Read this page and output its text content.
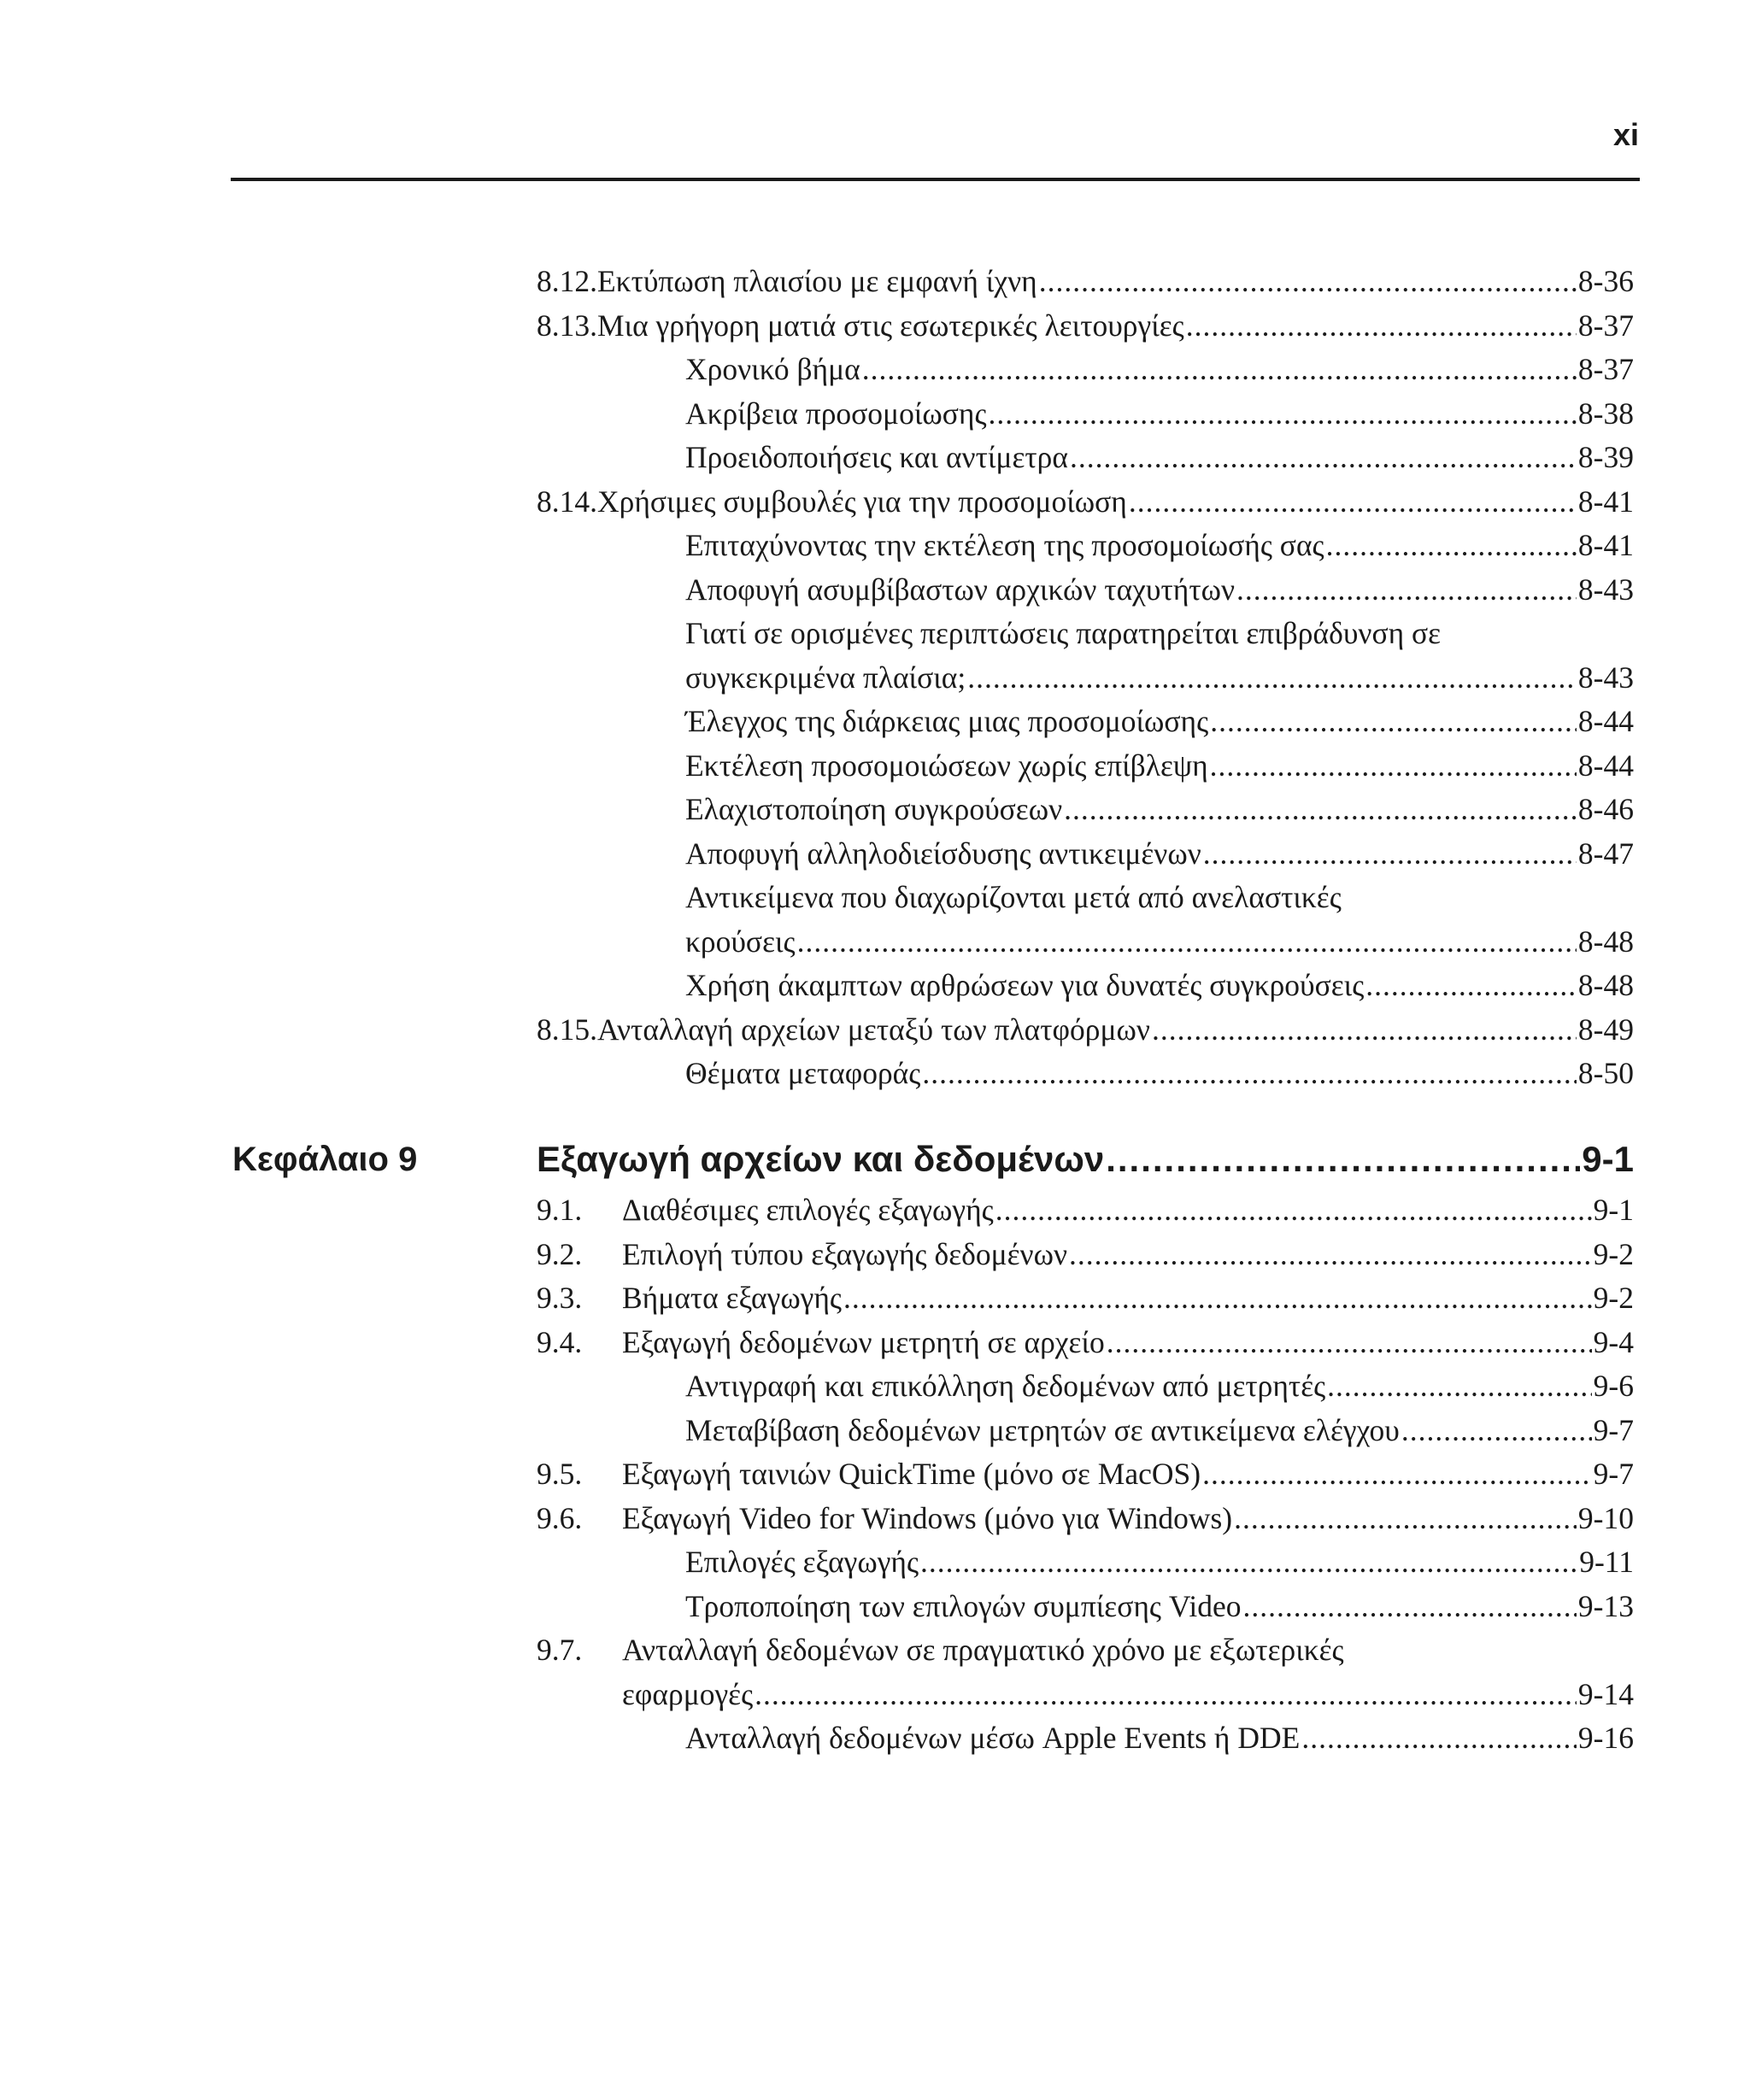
xi
8.12.Εκτύπωση πλαισίου με εμφανή ίχνη .....	8-36
8.13.Μια γρήγορη ματιά στις εσωτερικές λειτουργίες .....	8-37
Χρονικό βήμα .....	8-37
Ακρίβεια προσομοίωσης .....	8-38
Προειδοποιήσεις και αντίμετρα .....	8-39
8.14.Χρήσιμες συμβουλές για την προσομοίωση .....	8-41
Επιταχύνοντας την εκτέλεση της προσομοίωσής σας .....	8-41
Αποφυγή ασυμβίβαστων αρχικών ταχυτήτων .....	8-43
Γιατί σε ορισμένες περιπτώσεις παρατηρείται επιβράδυνση σε
συγκεκριμένα πλαίσια; .....	8-43
Έλεγχος της διάρκειας μιας προσομοίωσης .....	8-44
Εκτέλεση προσομοιώσεων χωρίς επίβλεψη .....	8-44
Ελαχιστοποίηση συγκρούσεων .....	8-46
Αποφυγή αλληλοδιείσδυσης αντικειμένων .....	8-47
Αντικείμενα που διαχωρίζονται μετά από ανελαστικές
κρούσεις .....	8-48
Χρήση άκαμπτων αρθρώσεων για δυνατές συγκρούσεις .....	8-48
8.15.Ανταλλαγή αρχείων μεταξύ των πλατφόρμων .....	8-49
Θέματα μεταφοράς .....	8-50
Κεφάλαιο 9	Εξαγωγή αρχείων και δεδομένων .....	9-1
9.1.	Διαθέσιμες επιλογές εξαγωγής .....	9-1
9.2.	Επιλογή τύπου εξαγωγής δεδομένων .....	9-2
9.3.	Βήματα εξαγωγής .....	9-2
9.4.	Εξαγωγή δεδομένων μετρητή σε αρχείο .....	9-4
Αντιγραφή και επικόλληση δεδομένων από μετρητές .....	9-6
Μεταβίβαση δεδομένων μετρητών σε αντικείμενα ελέγχου .....	9-7
9.5.	Εξαγωγή ταινιών QuickTime (μόνο σε MacOS) .....	9-7
9.6.	Εξαγωγή Video for Windows (μόνο για Windows) .....	9-10
Επιλογές εξαγωγής .....	9-11
Τροποποίηση των επιλογών συμπίεσης Video .....	9-13
9.7.	Ανταλλαγή δεδομένων σε πραγματικό χρόνο με εξωτερικές
εφαρμογές .....	9-14
Ανταλλαγή δεδομένων μέσω Apple Events ή DDE .....	9-16
